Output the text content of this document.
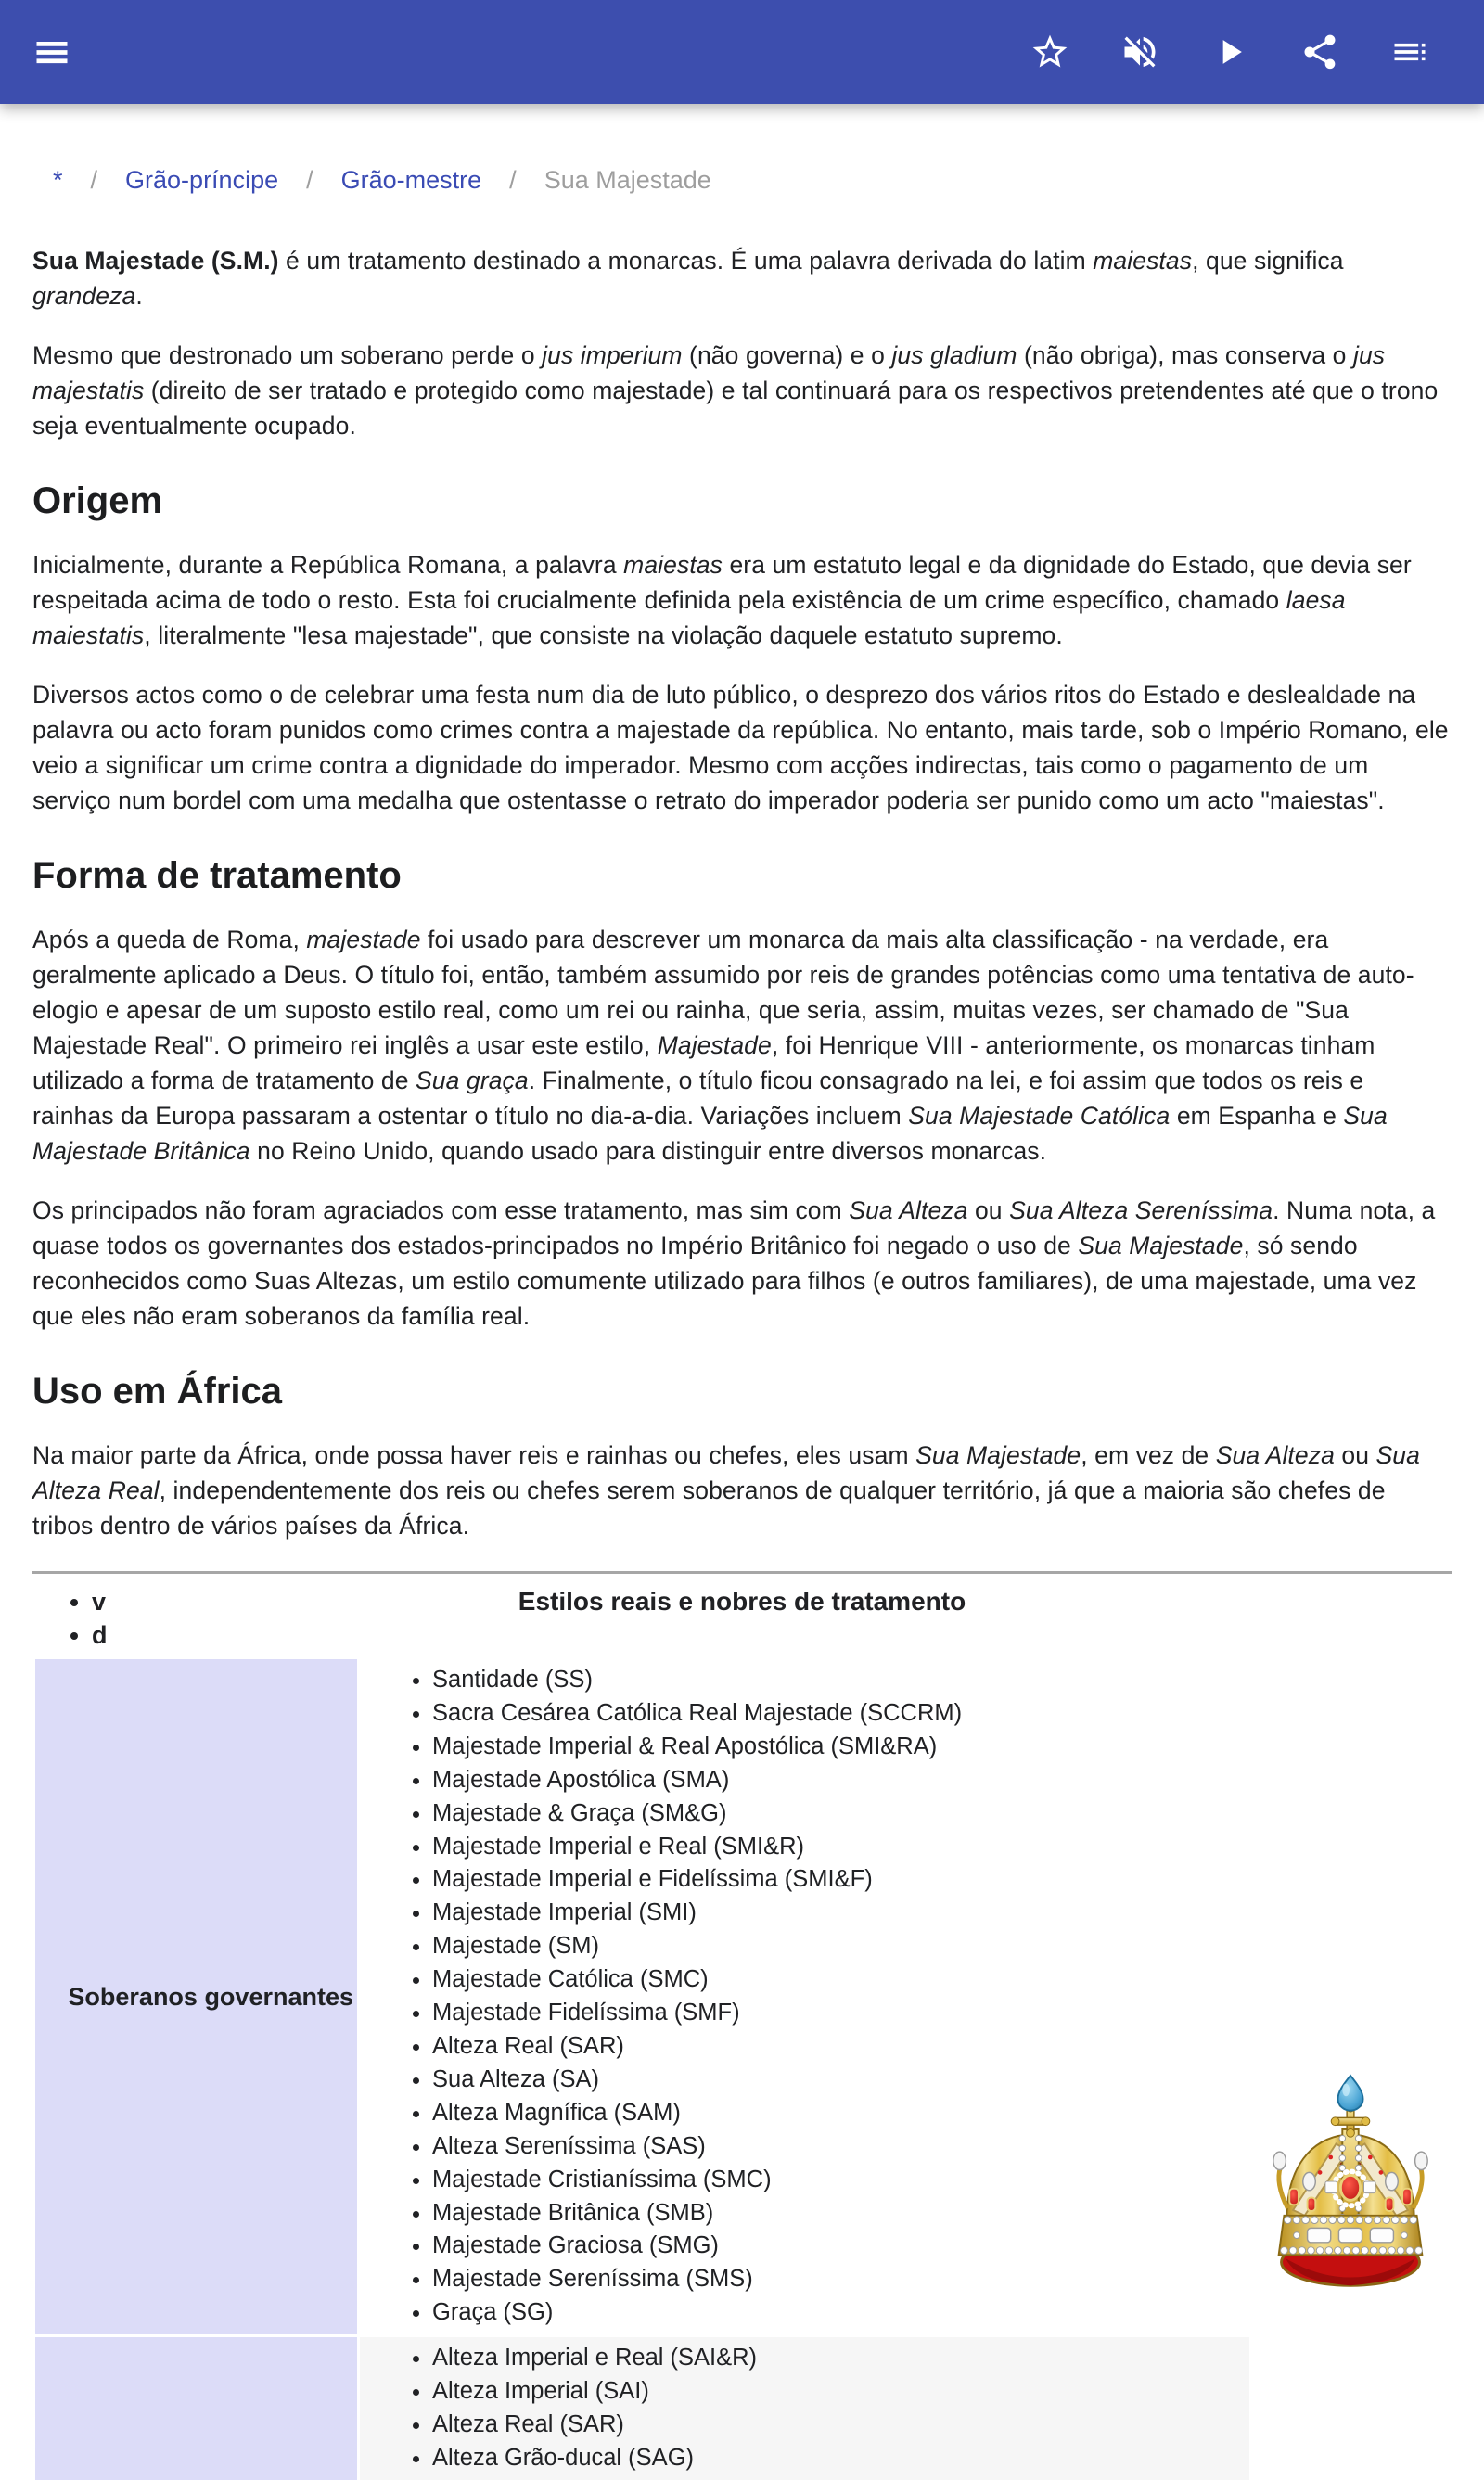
* / Grão-príncipe / Grão-mestre / Sua Majestade

Sua Majestade (S.M.) é um tratamento destinado a monarcas. É uma palavra derivada do latim maiestas, que significa grandeza.

Mesmo que destronado um soberano perde o jus imperium (não governa) e o jus gladium (não obriga), mas conserva o jus majestatis (direito de ser tratado e protegido como majestade) e tal continuará para os respectivos pretendentes até que o trono seja eventualmente ocupado.

Origem

Inicialmente, durante a República Romana, a palavra maiestas era um estatuto legal e da dignidade do Estado, que devia ser respeitada acima de todo o resto. Esta foi crucialmente definida pela existência de um crime específico, chamado laesa maiestatis, literalmente "lesa majestade", que consiste na violação daquele estatuto supremo.

Diversos actos como o de celebrar uma festa num dia de luto público, o desprezo dos vários ritos do Estado e deslealdade na palavra ou acto foram punidos como crimes contra a majestade da república. No entanto, mais tarde, sob o Império Romano, ele veio a significar um crime contra a dignidade do imperador. Mesmo com acções indirectas, tais como o pagamento de um serviço num bordel com uma medalha que ostentasse o retrato do imperador poderia ser punido como um acto "maiestas".

Forma de tratamento

Após a queda de Roma, majestade foi usado para descrever um monarca da mais alta classificação - na verdade, era geralmente aplicado a Deus. O título foi, então, também assumido por reis de grandes potências como uma tentativa de auto-elogio e apesar de um suposto estilo real, como um rei ou rainha, que seria, assim, muitas vezes, ser chamado de "Sua Majestade Real". O primeiro rei inglês a usar este estilo, Majestade, foi Henrique VIII - anteriormente, os monarcas tinham utilizado a forma de tratamento de Sua graça. Finalmente, o título ficou consagrado na lei, e foi assim que todos os reis e rainhas da Europa passaram a ostentar o título no dia-a-dia. Variações incluem Sua Majestade Católica em Espanha e Sua Majestade Britânica no Reino Unido, quando usado para distinguir entre diversos monarcas.

Os principados não foram agraciados com esse tratamento, mas sim com Sua Alteza ou Sua Alteza Sereníssima. Numa nota, a quase todos os governantes dos estados-principados no Império Britânico foi negado o uso de Sua Majestade, só sendo reconhecidos como Suas Altezas, um estilo comumente utilizado para filhos (e outros familiares), de uma majestade, uma vez que eles não eram soberanos da família real.

Uso em África

Na maior parte da África, onde possa haver reis e rainhas ou chefes, eles usam Sua Majestade, em vez de Sua Alteza ou Sua Alteza Real, independentemente dos reis ou chefes serem soberanos de qualquer território, já que a maioria são chefes de tribos dentro de vários países da África.

• v
• d
Estilos reais e nobres de tratamento
Soberanos governantes
• Santidade (SS)
• Sacra Cesárea Católica Real Majestade (SCCRM)
• Majestade Imperial & Real Apostólica (SMI&RA)
• Majestade Apostólica (SMA)
• Majestade & Graça (SM&G)
• Majestade Imperial e Real (SMI&R)
• Majestade Imperial e Fidelíssima (SMI&F)
• Majestade Imperial (SMI)
• Majestade (SM)
• Majestade Católica (SMC)
• Majestade Fidelíssima (SMF)
• Alteza Real (SAR)
• Sua Alteza (SA)
• Alteza Magnífica (SAM)
• Alteza Sereníssima (SAS)
• Majestade Cristianíssima (SMC)
• Majestade Britânica (SMB)
• Majestade Graciosa (SMG)
• Majestade Sereníssima (SMS)
• Graça (SG)
• Alteza Imperial e Real (SAI&R)
• Alteza Imperial (SAI)
• Alteza Real (SAR)
• Alteza Grão-ducal (SAG)
